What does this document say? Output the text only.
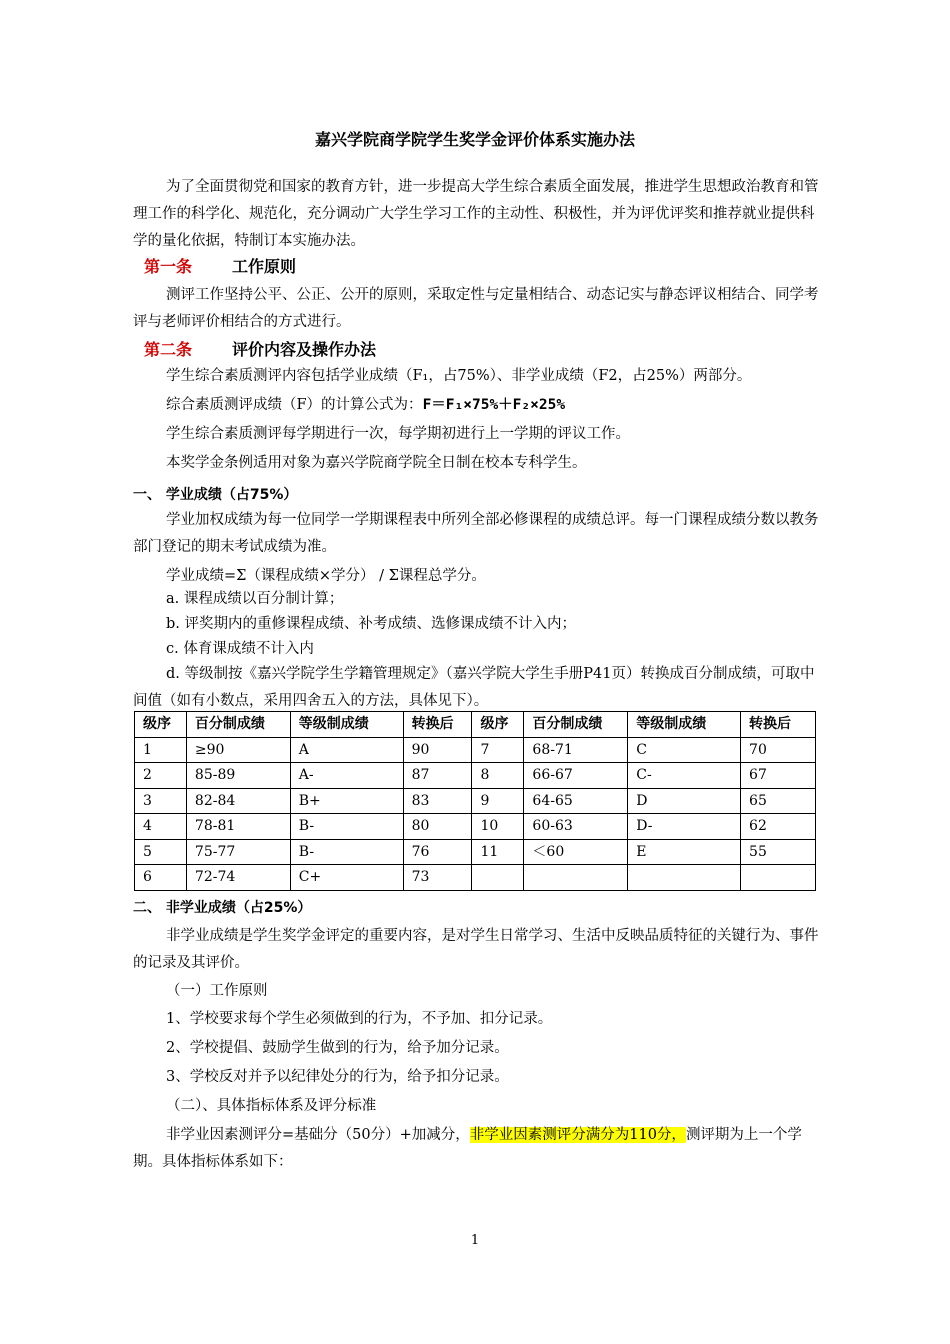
嘉兴学院商学院学生奖学金评价体系实施办法
为了全面贯彻党和国家的教育方针，进一步提高大学生综合素质全面发展，推进学生思想政治教育和管理工作的科学化、规范化，充分调动广大学生学习工作的主动性、积极性，并为评优评奖和推荐就业提供科学的量化依据，特制订本实施办法。
第一条 工作原则
测评工作坚持公平、公正、公开的原则，采取定性与定量相结合、动态记实与静态评议相结合、同学考评与老师评价相结合的方式进行。
第二条 评价内容及操作办法
学生综合素质测评内容包括学业成绩（F₁，占75%）、非学业成绩（F2，占25%）两部分。
综合素质测评成绩（F）的计算公式为：F＝F₁×75%＋F₂×25%
学生综合素质测评每学期进行一次，每学期初进行上一学期的评议工作。
本奖学金条例适用对象为嘉兴学院商学院全日制在校本专科学生。
一、 学业成绩（占75%）
学业加权成绩为每一位同学一学期课程表中所列全部必修课程的成绩总评。每一门课程成绩分数以教务部门登记的期末考试成绩为准。
学业成绩=Σ（课程成绩×学分） / Σ课程总学分。
a. 课程成绩以百分制计算；
b. 评奖期内的重修课程成绩、补考成绩、选修课成绩不计入内；
c. 体育课成绩不计入内
d. 等级制按《嘉兴学院学生学籍管理规定》（嘉兴学院大学生手册P41页）转换成百分制成绩，可取中间值（如有小数点，采用四舍五入的方法，具体见下）。
级序	百分制成绩	等级制成绩	转换后	级序	百分制成绩	等级制成绩	转换后
1	≥90	A	90	7	68-71	C	70
2	85-89	A-	87	8	66-67	C-	67
3	82-84	B+	83	9	64-65	D	65
4	78-81	B-	80	10	60-63	D-	62
5	75-77	B-	76	11	＜60	E	55
6	72-74	C+	73				
二、 非学业成绩（占25%）
非学业成绩是学生奖学金评定的重要内容，是对学生日常学习、生活中反映品质特征的关键行为、事件的记录及其评价。
（一）工作原则
1、学校要求每个学生必须做到的行为，不予加、扣分记录。
2、学校提倡、鼓励学生做到的行为，给予加分记录。
3、学校反对并予以纪律处分的行为，给予扣分记录。
（二）、具体指标体系及评分标准
非学业因素测评分=基础分（50分）+加减分，非学业因素测评分满分为110分，测评期为上一个学期。具体指标体系如下：
1
